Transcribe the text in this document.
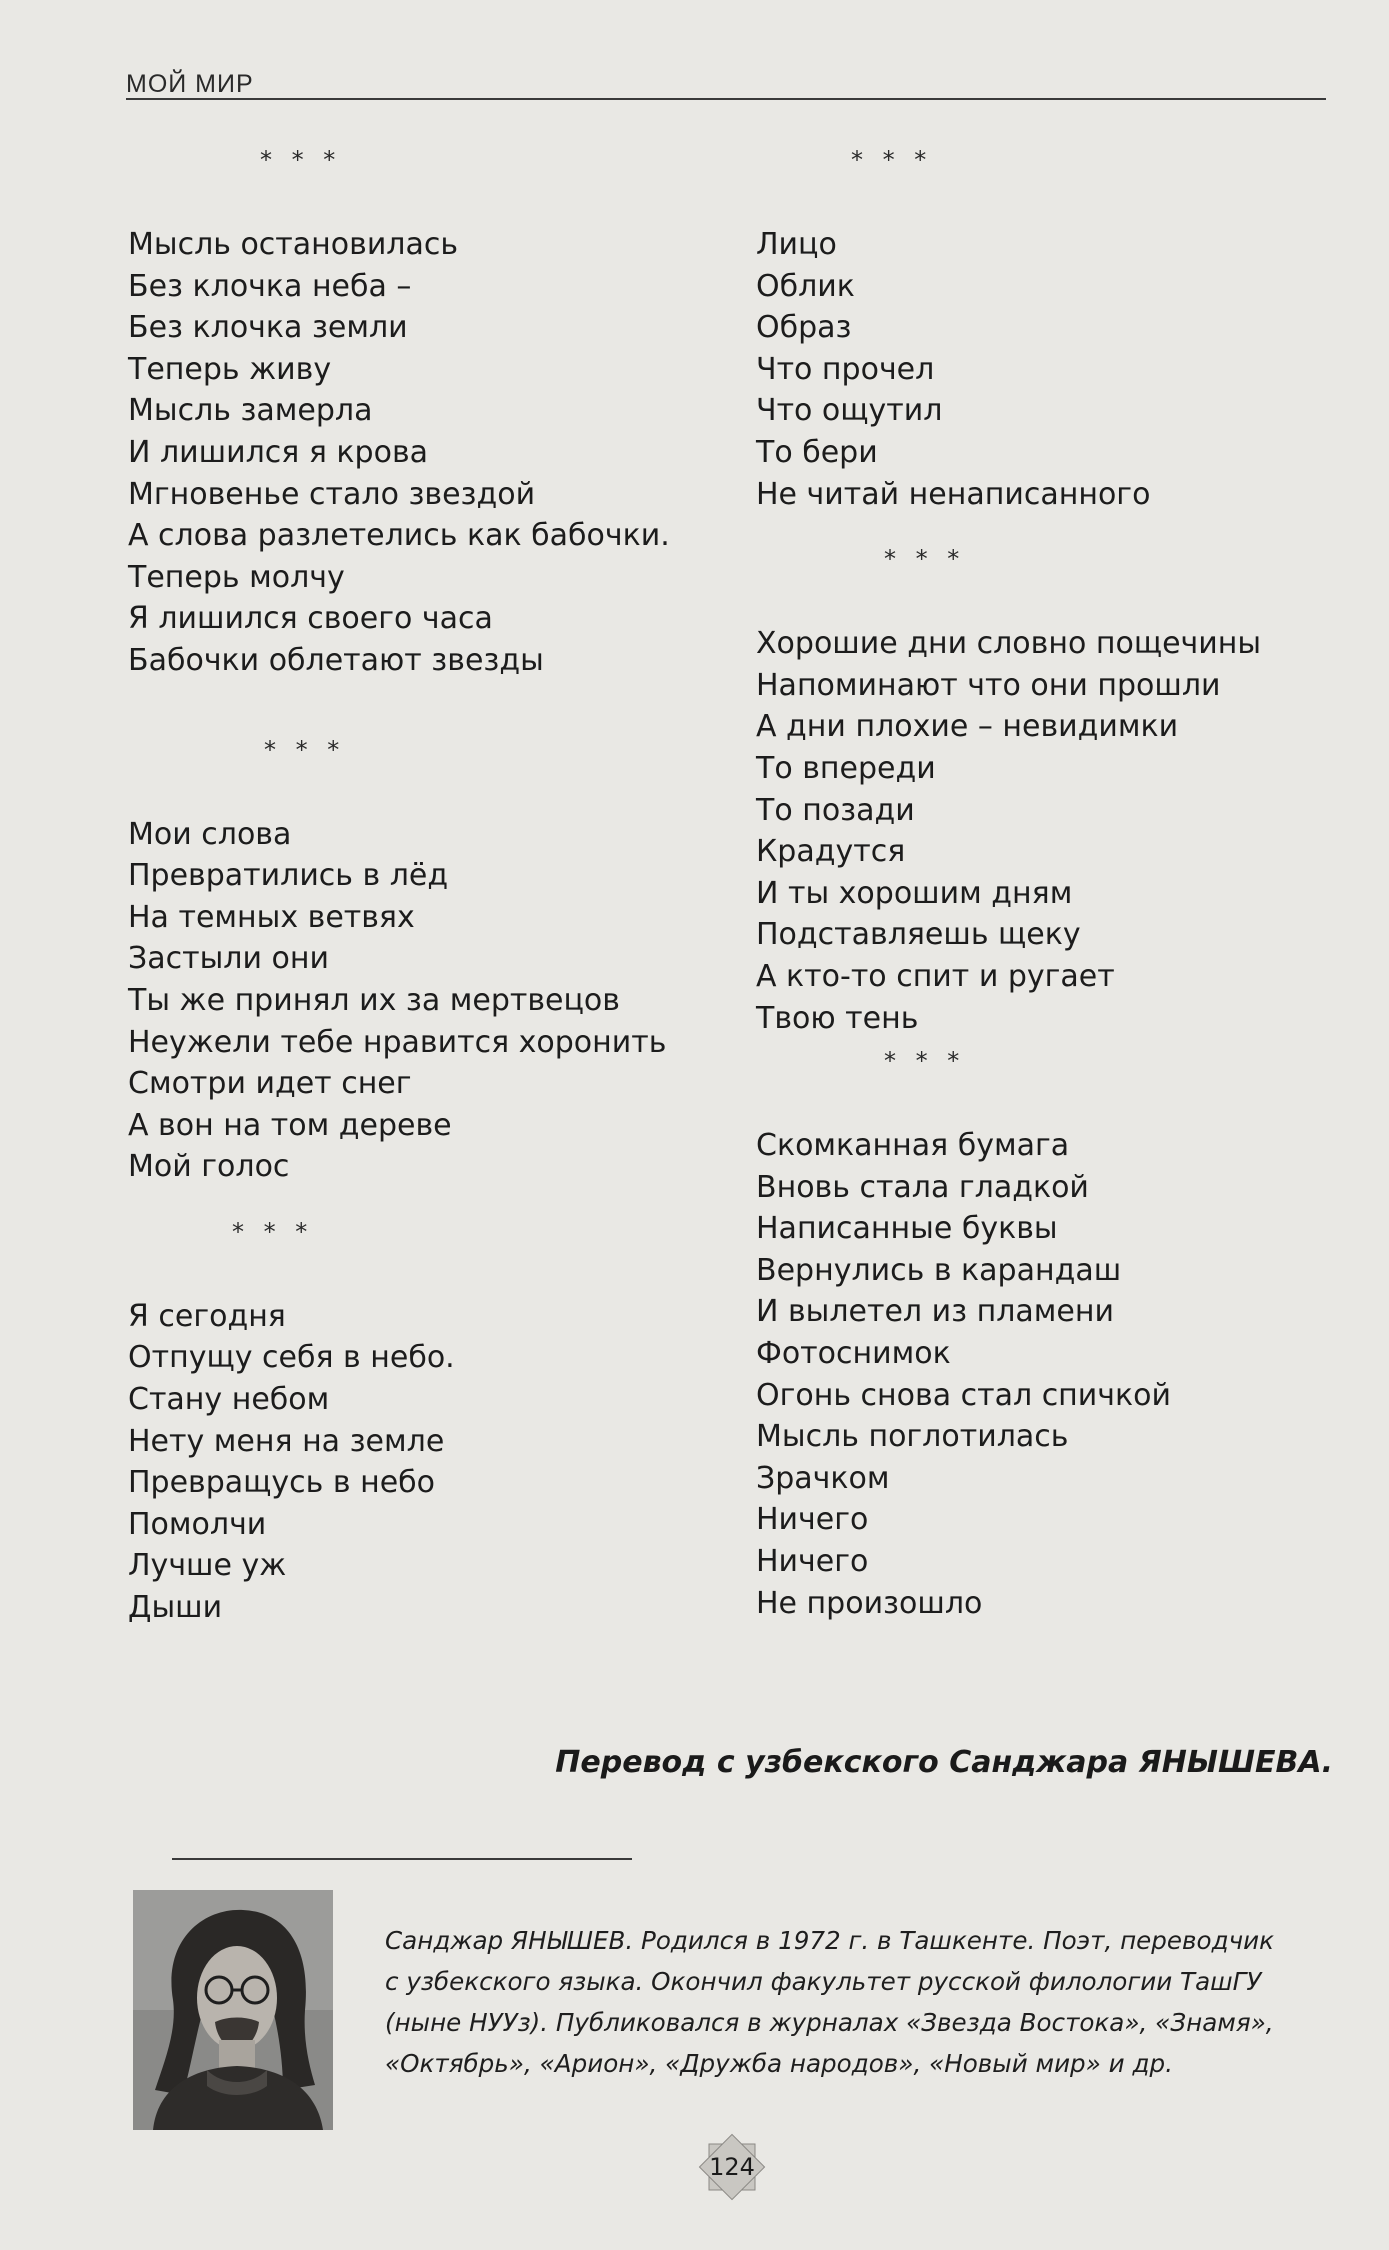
МОЙ МИР
* * *
Мысль остановилась
Без клочка неба –
Без клочка земли
Теперь живу
Мысль замерла
И лишился я крова
Мгновенье стало звездой
А слова разлетелись как бабочки.
Теперь молчу
Я лишился своего часа
Бабочки облетают звезды
* * *
Мои слова
Превратились в лёд
На темных ветвях
Застыли они
Ты же принял их за мертвецов
Неужели тебе нравится хоронить
Смотри идет снег
А вон на том дереве
Мой голос
* * *
Я сегодня
Отпущу себя в небо.
Стану небом
Нету меня на земле
Превращусь в небо
Помолчи
Лучше уж
Дыши
* * *
Лицо
Облик
Образ
Что прочел
Что ощутил
То бери
Не читай ненаписанного
* * *
Хорошие дни словно пощечины
Напоминают что они прошли
А дни плохие – невидимки
То впереди
То позади
Крадутся
И ты хорошим дням
Подставляешь щеку
А кто-то спит и ругает
Твою тень
* * *
Скомканная бумага
Вновь стала гладкой
Написанные буквы
Вернулись в карандаш
И вылетел из пламени
Фотоснимок
Огонь снова стал спичкой
Мысль поглотилась
Зрачком
Ничего
Ничего
Не произошло
Перевод с узбекского Санджара ЯНЫШЕВА.
Санджар ЯНЫШЕВ. Родился в 1972 г. в Ташкенте. Поэт, переводчик
с узбекского языка. Окончил факультет русской филологии ТашГУ
(ныне НУУз). Публиковался в журналах «Звезда Востока», «Знамя»,
«Октябрь», «Арион», «Дружба народов», «Новый мир» и др.
124
